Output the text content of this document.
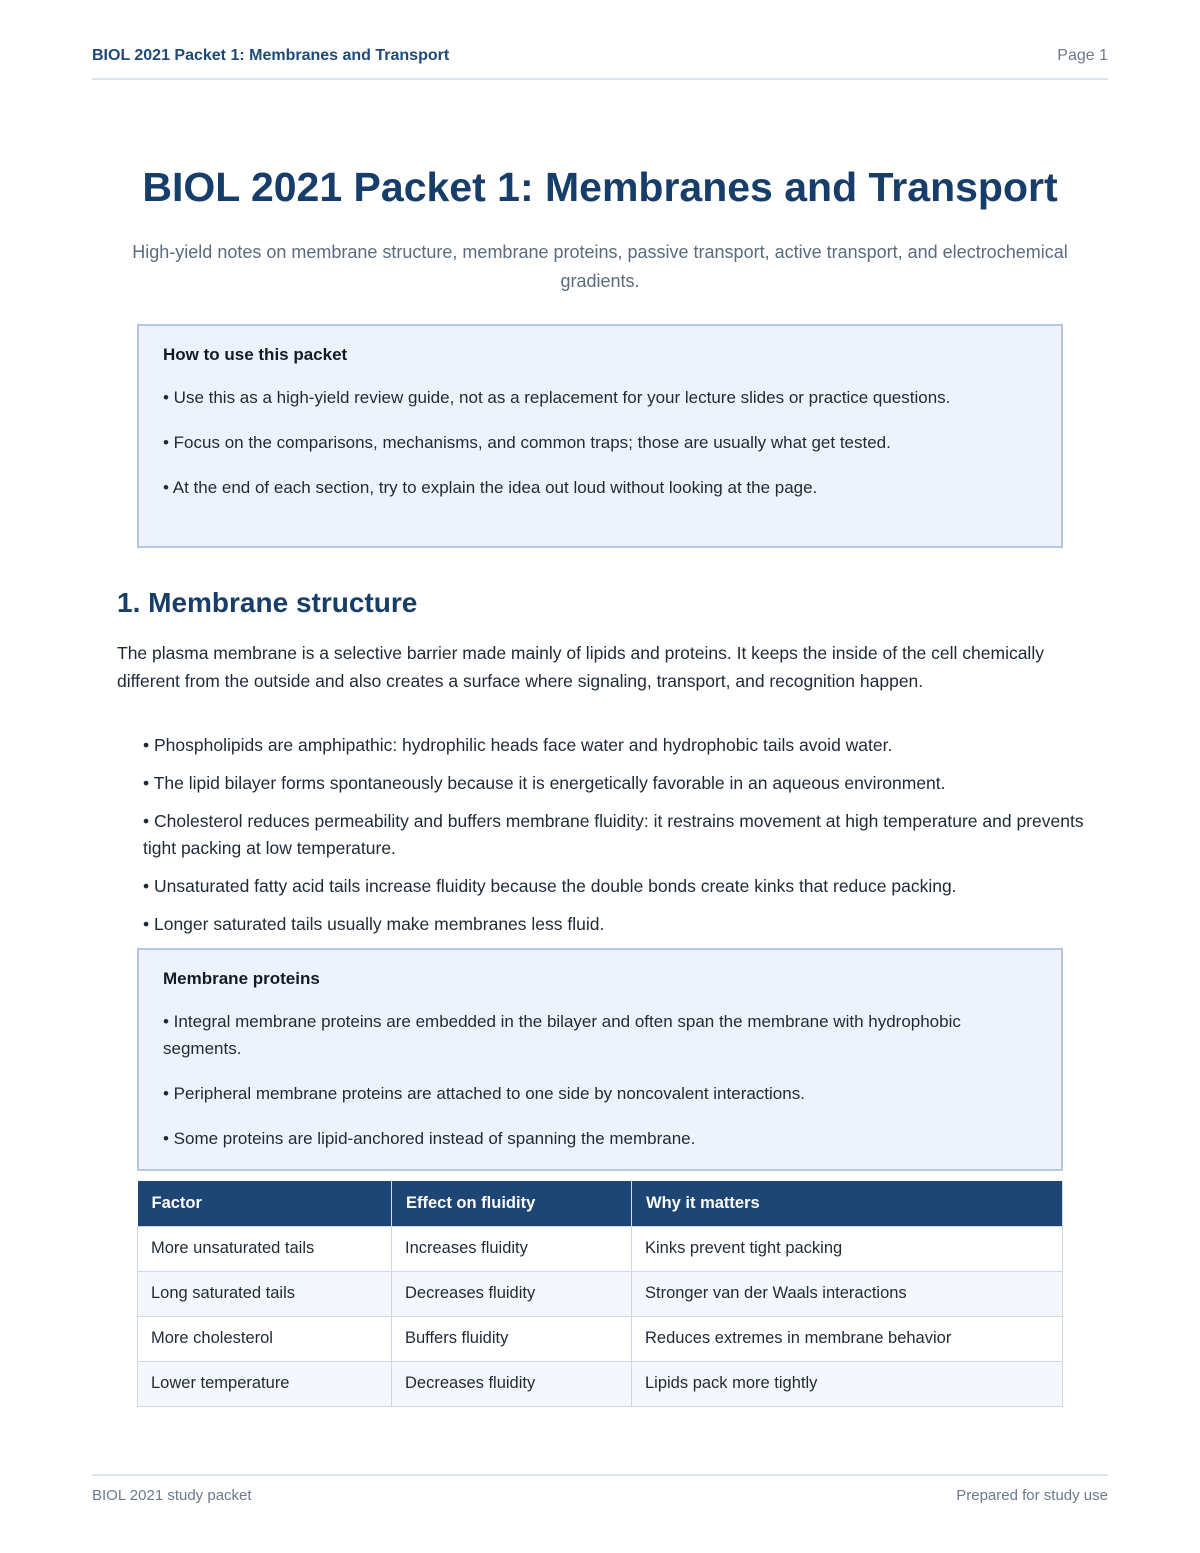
BIOL 2021 Packet 1: Membranes and Transport	Page 1
BIOL 2021 Packet 1: Membranes and Transport

High-yield notes on membrane structure, membrane proteins, passive transport, active transport, and electrochemical gradients.

How to use this packet
• Use this as a high-yield review guide, not as a replacement for your lecture slides or practice questions.
• Focus on the comparisons, mechanisms, and common traps; those are usually what get tested.
• At the end of each section, try to explain the idea out loud without looking at the page.
1. Membrane structure

The plasma membrane is a selective barrier made mainly of lipids and proteins. It keeps the inside of the cell chemically different from the outside and also creates a surface where signaling, transport, and recognition happen.

• Phospholipids are amphipathic: hydrophilic heads face water and hydrophobic tails avoid water.
• The lipid bilayer forms spontaneously because it is energetically favorable in an aqueous environment.
• Cholesterol reduces permeability and buffers membrane fluidity: it restrains movement at high temperature and prevents tight packing at low temperature.
• Unsaturated fatty acid tails increase fluidity because the double bonds create kinks that reduce packing.
• Longer saturated tails usually make membranes less fluid.
Membrane proteins
• Integral membrane proteins are embedded in the bilayer and often span the membrane with hydrophobic segments.
• Peripheral membrane proteins are attached to one side by noncovalent interactions.
• Some proteins are lipid-anchored instead of spanning the membrane.
Factor	Effect on fluidity	Why it matters
More unsaturated tails	Increases fluidity	Kinks prevent tight packing
Long saturated tails	Decreases fluidity	Stronger van der Waals interactions
More cholesterol	Buffers fluidity	Reduces extremes in membrane behavior
Lower temperature	Decreases fluidity	Lipids pack more tightly
BIOL 2021 study packet	Prepared for study use
